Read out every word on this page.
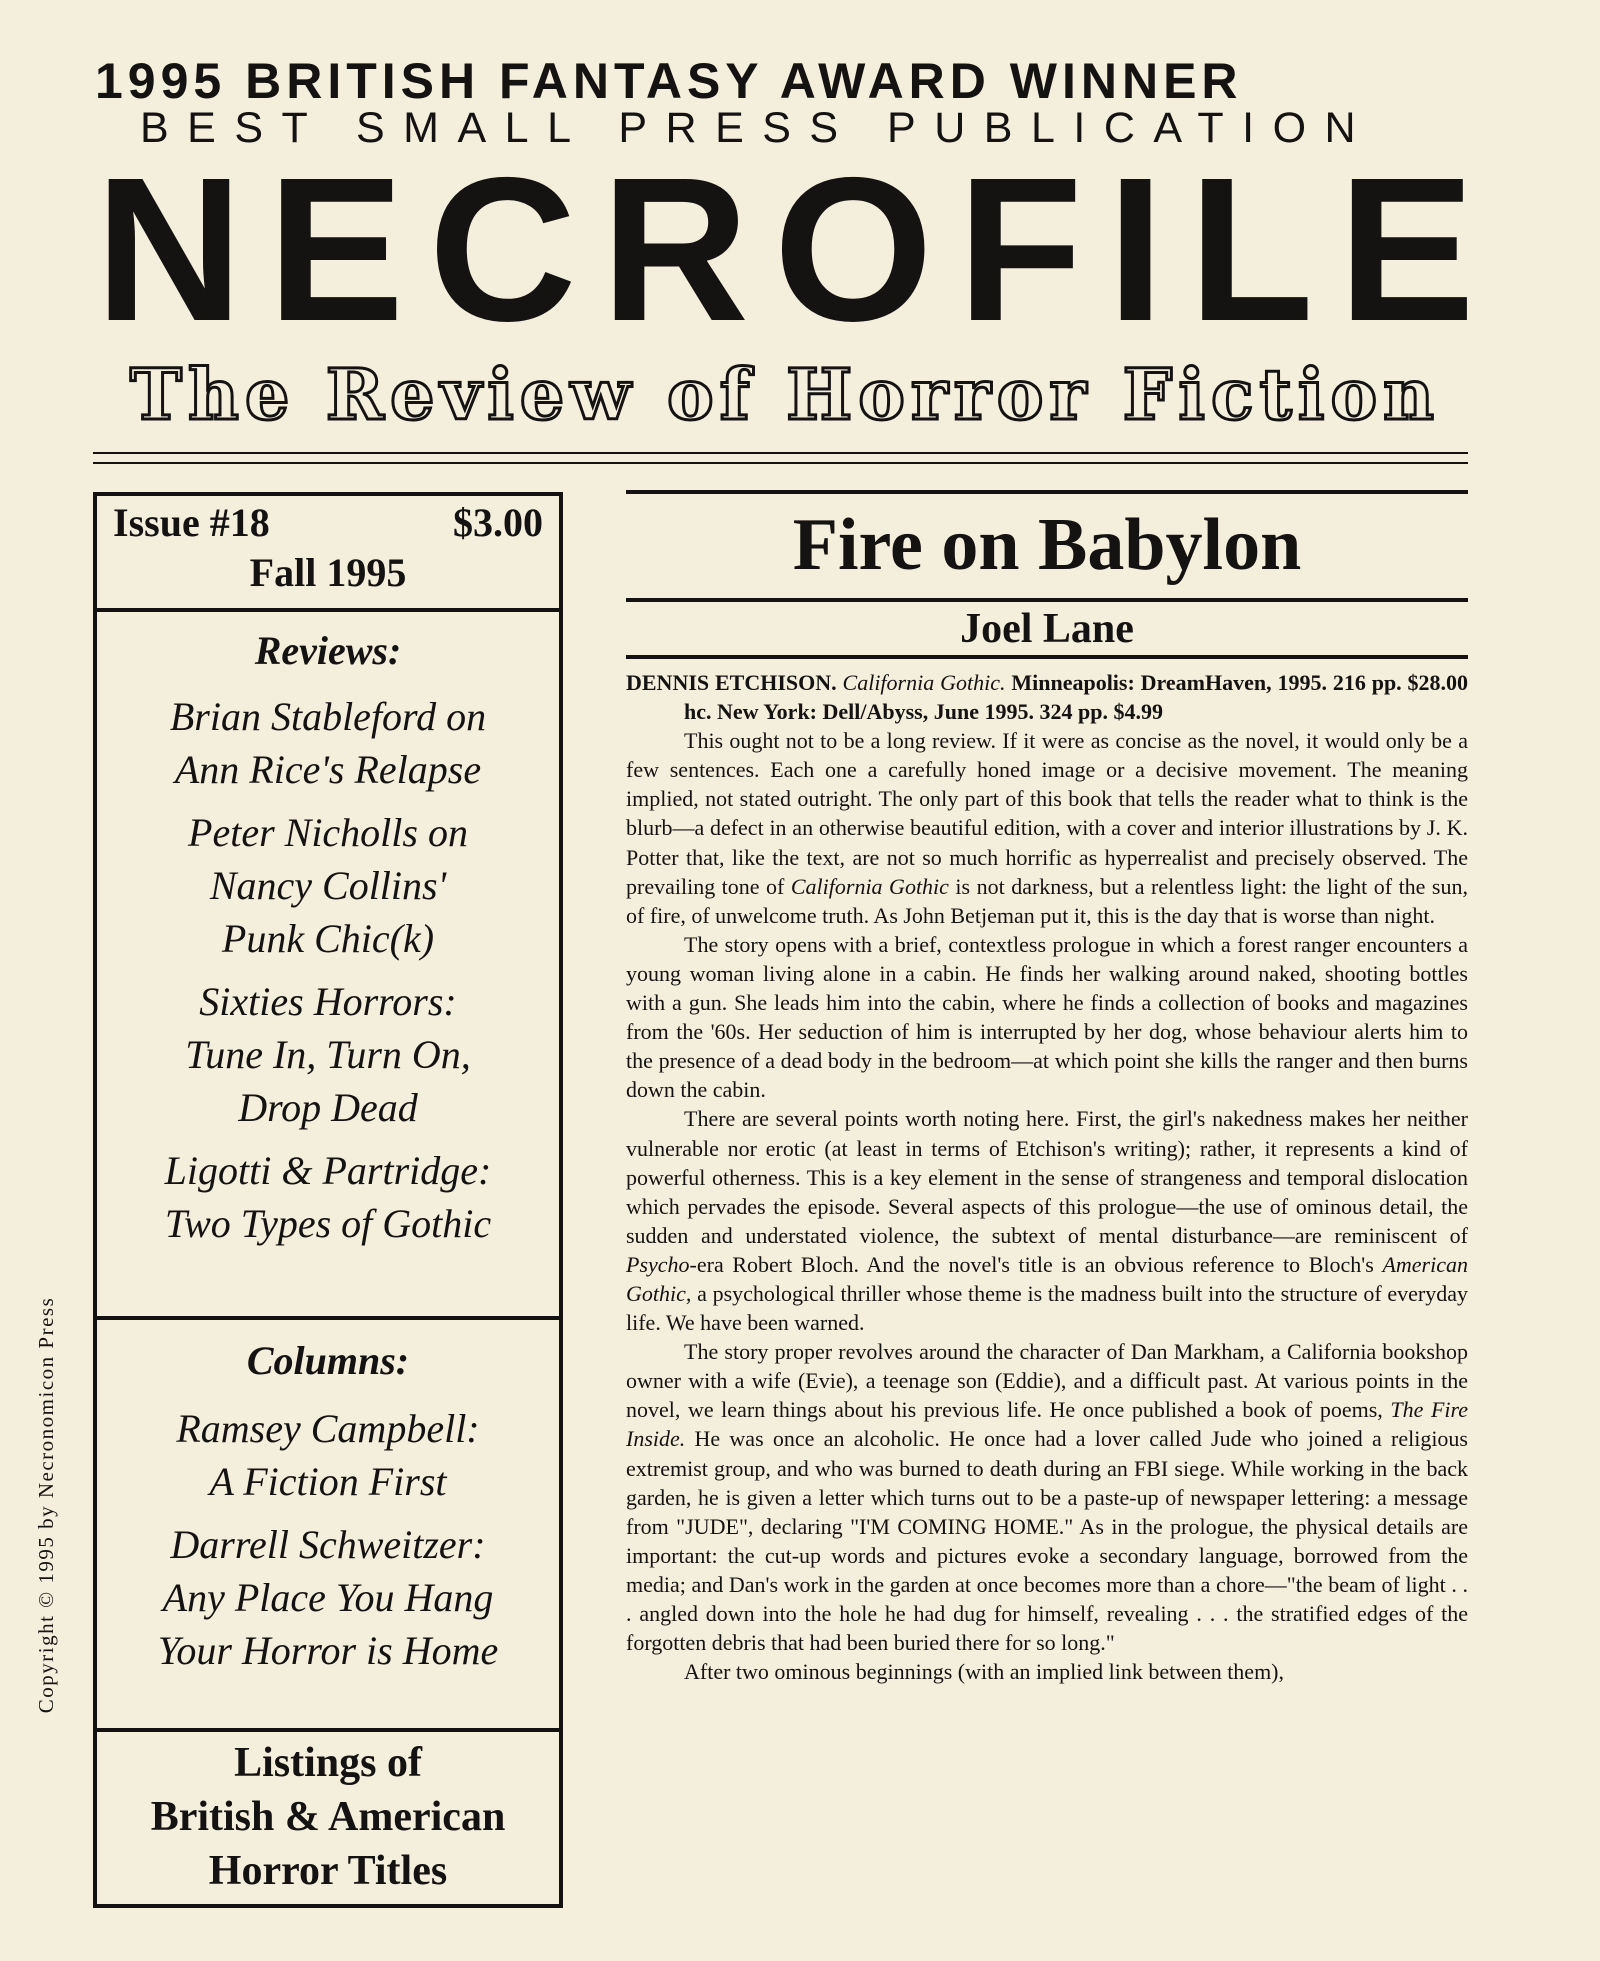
1995 BRITISH FANTASY AWARD WINNER
BEST SMALL PRESS PUBLICATION
N E C R O F I L E
The Review of Horror Fiction
Issue #18	$3.00
Fall 1995
Reviews:
Brian Stableford on
Ann Rice's Relapse
Peter Nicholls on
Nancy Collins'
Punk Chic(k)
Sixties Horrors:
Tune In, Turn On,
Drop Dead
Ligotti & Partridge:
Two Types of Gothic
Columns:
Ramsey Campbell:
A Fiction First
Darrell Schweitzer:
Any Place You Hang
Your Horror is Home
Listings of
British & American
Horror Titles
Copyright © 1995 by Necronomicon Press
Fire on Babylon
Joel Lane

DENNIS ETCHISON. California Gothic. Minneapolis: DreamHaven, 1995. 216 pp. $28.00 hc. New York: Dell/Abyss, June 1995. 324 pp. $4.99

This ought not to be a long review. If it were as concise as the novel, it would only be a few sentences. Each one a carefully honed image or a decisive movement. The meaning implied, not stated outright. The only part of this book that tells the reader what to think is the blurb—a defect in an otherwise beautiful edition, with a cover and interior illustrations by J. K. Potter that, like the text, are not so much horrific as hyperrealist and precisely observed. The prevailing tone of California Gothic is not darkness, but a relentless light: the light of the sun, of fire, of unwelcome truth. As John Betjeman put it, this is the day that is worse than night.

The story opens with a brief, contextless prologue in which a forest ranger encounters a young woman living alone in a cabin. He finds her walking around naked, shooting bottles with a gun. She leads him into the cabin, where he finds a collection of books and magazines from the '60s. Her seduction of him is interrupted by her dog, whose behaviour alerts him to the presence of a dead body in the bedroom—at which point she kills the ranger and then burns down the cabin.

There are several points worth noting here. First, the girl's nakedness makes her neither vulnerable nor erotic (at least in terms of Etchison's writing); rather, it represents a kind of powerful otherness. This is a key element in the sense of strangeness and temporal dislocation which pervades the episode. Several aspects of this prologue—the use of ominous detail, the sudden and understated violence, the subtext of mental disturbance—are reminiscent of Psycho-era Robert Bloch. And the novel's title is an obvious reference to Bloch's American Gothic, a psychological thriller whose theme is the madness built into the structure of everyday life. We have been warned.

The story proper revolves around the character of Dan Markham, a California bookshop owner with a wife (Evie), a teenage son (Eddie), and a difficult past. At various points in the novel, we learn things about his previous life. He once published a book of poems, The Fire Inside. He was once an alcoholic. He once had a lover called Jude who joined a religious extremist group, and who was burned to death during an FBI siege. While working in the back garden, he is given a letter which turns out to be a paste-up of newspaper lettering: a message from "JUDE", declaring "I'M COMING HOME." As in the prologue, the physical details are important: the cut-up words and pictures evoke a secondary language, borrowed from the media; and Dan's work in the garden at once becomes more than a chore—"the beam of light . . . angled down into the hole he had dug for himself, revealing . . . the stratified edges of the forgotten debris that had been buried there for so long."

After two ominous beginnings (with an implied link between them),
